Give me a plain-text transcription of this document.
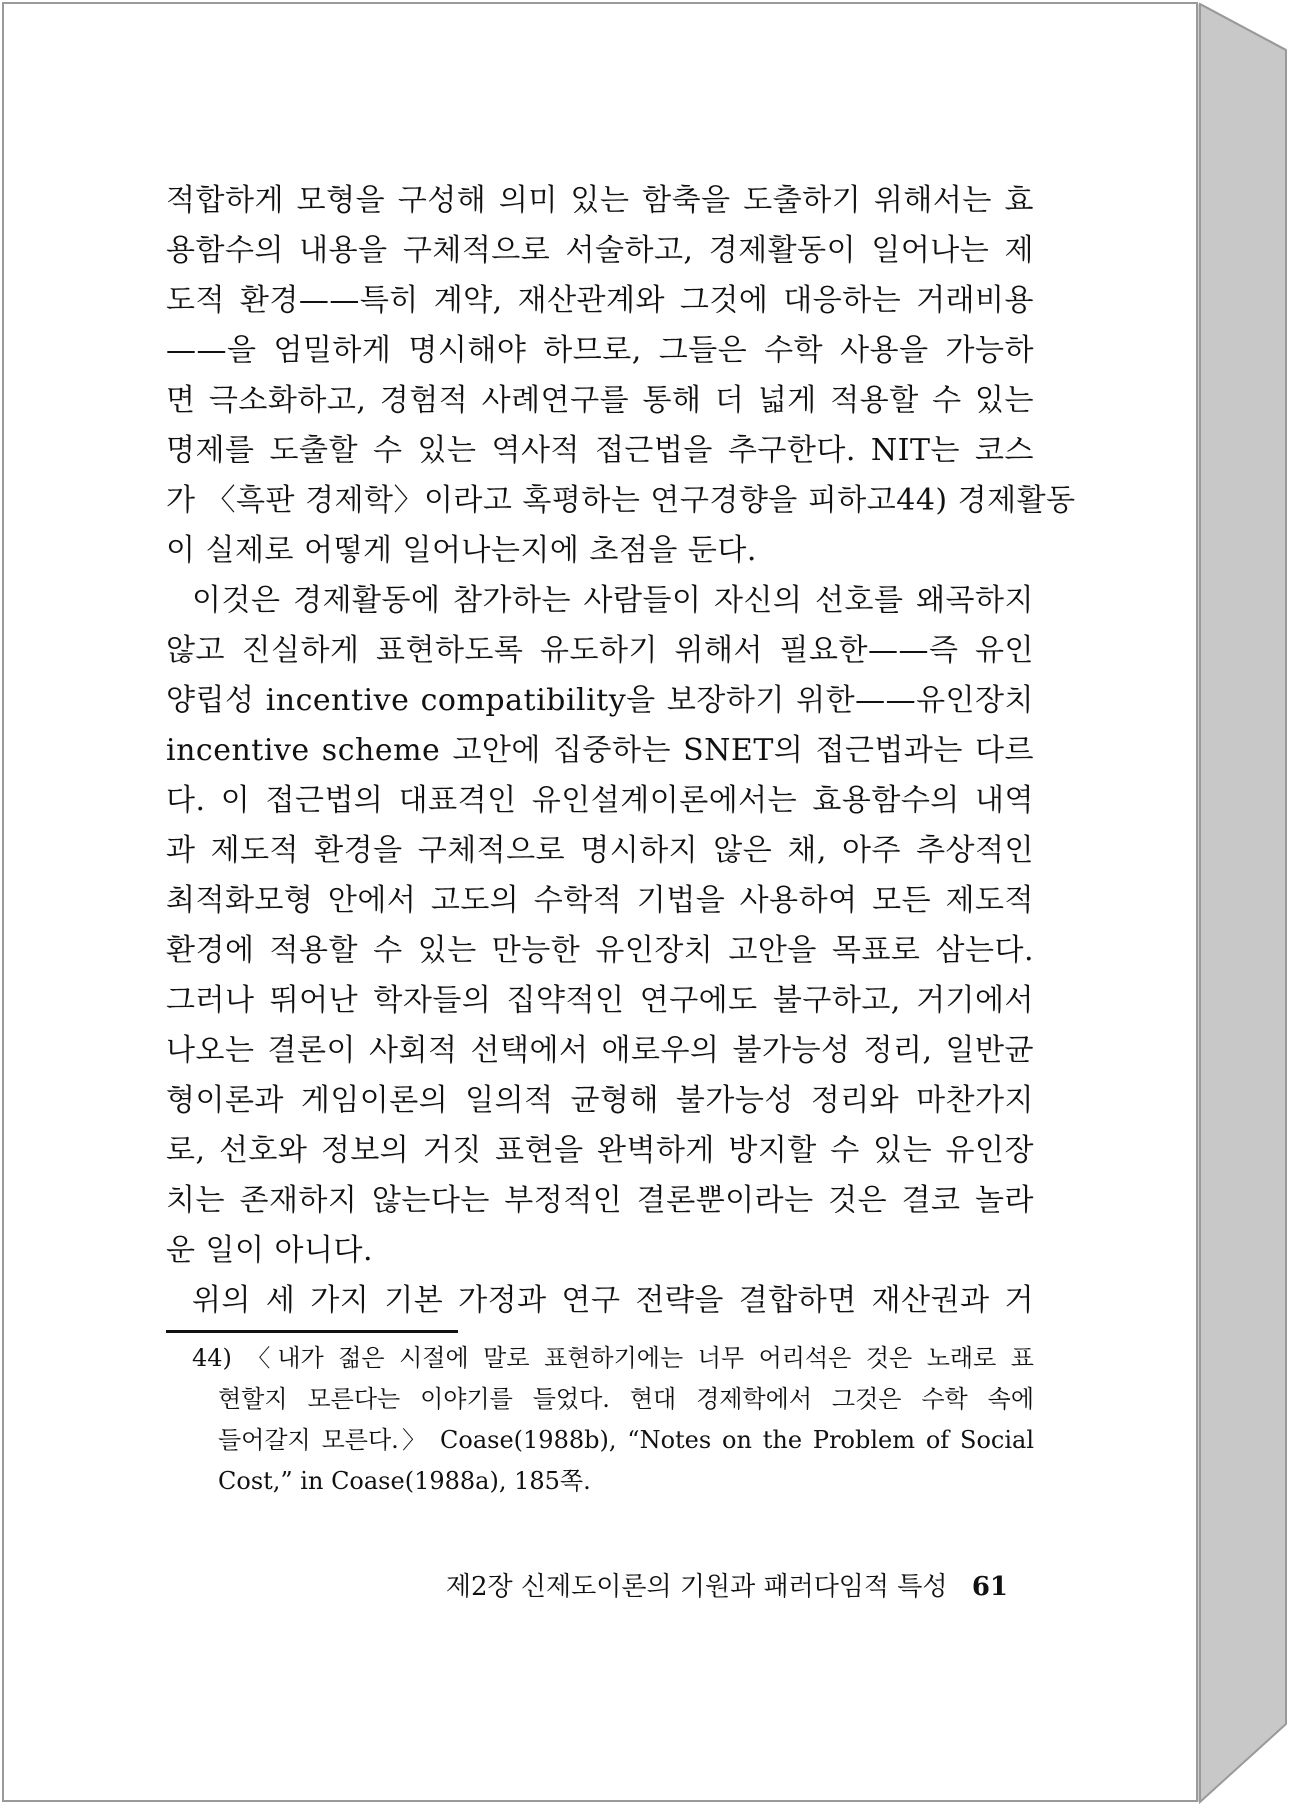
적합하게 모형을 구성해 의미 있는 함축을 도출하기 위해서는 효
용함수의 내용을 구체적으로 서술하고, 경제활동이 일어나는 제
도적 환경——특히 계약, 재산관계와 그것에 대응하는 거래비용
——을 엄밀하게 명시해야 하므로, 그들은 수학 사용을 가능하
면 극소화하고, 경험적 사례연구를 통해 더 넓게 적용할 수 있는
명제를 도출할 수 있는 역사적 접근법을 추구한다. NIT는 코스
가 〈흑판 경제학〉이라고 혹평하는 연구경향을 피하고44) 경제활동
이 실제로 어떻게 일어나는지에 초점을 둔다.
이것은 경제활동에 참가하는 사람들이 자신의 선호를 왜곡하지
않고 진실하게 표현하도록 유도하기 위해서 필요한——즉 유인
양립성 incentive compatibility을 보장하기 위한——유인장치
incentive scheme 고안에 집중하는 SNET의 접근법과는 다르
다. 이 접근법의 대표격인 유인설계이론에서는 효용함수의 내역
과 제도적 환경을 구체적으로 명시하지 않은 채, 아주 추상적인
최적화모형 안에서 고도의 수학적 기법을 사용하여 모든 제도적
환경에 적용할 수 있는 만능한 유인장치 고안을 목표로 삼는다.
그러나 뛰어난 학자들의 집약적인 연구에도 불구하고, 거기에서
나오는 결론이 사회적 선택에서 애로우의 불가능성 정리, 일반균
형이론과 게임이론의 일의적 균형해 불가능성 정리와 마찬가지
로, 선호와 정보의 거짓 표현을 완벽하게 방지할 수 있는 유인장
치는 존재하지 않는다는 부정적인 결론뿐이라는 것은 결코 놀라
운 일이 아니다.
위의 세 가지 기본 가정과 연구 전략을 결합하면 재산권과 거
44) 〈내가 젊은 시절에 말로 표현하기에는 너무 어리석은 것은 노래로 표
현할지 모른다는 이야기를 들었다. 현대 경제학에서 그것은 수학 속에
들어갈지 모른다.〉 Coase(1988b), “Notes on the Problem of Social
Cost,” in Coase(1988a), 185쪽.
제2장 신제도이론의 기원과 패러다임적 특성 61
